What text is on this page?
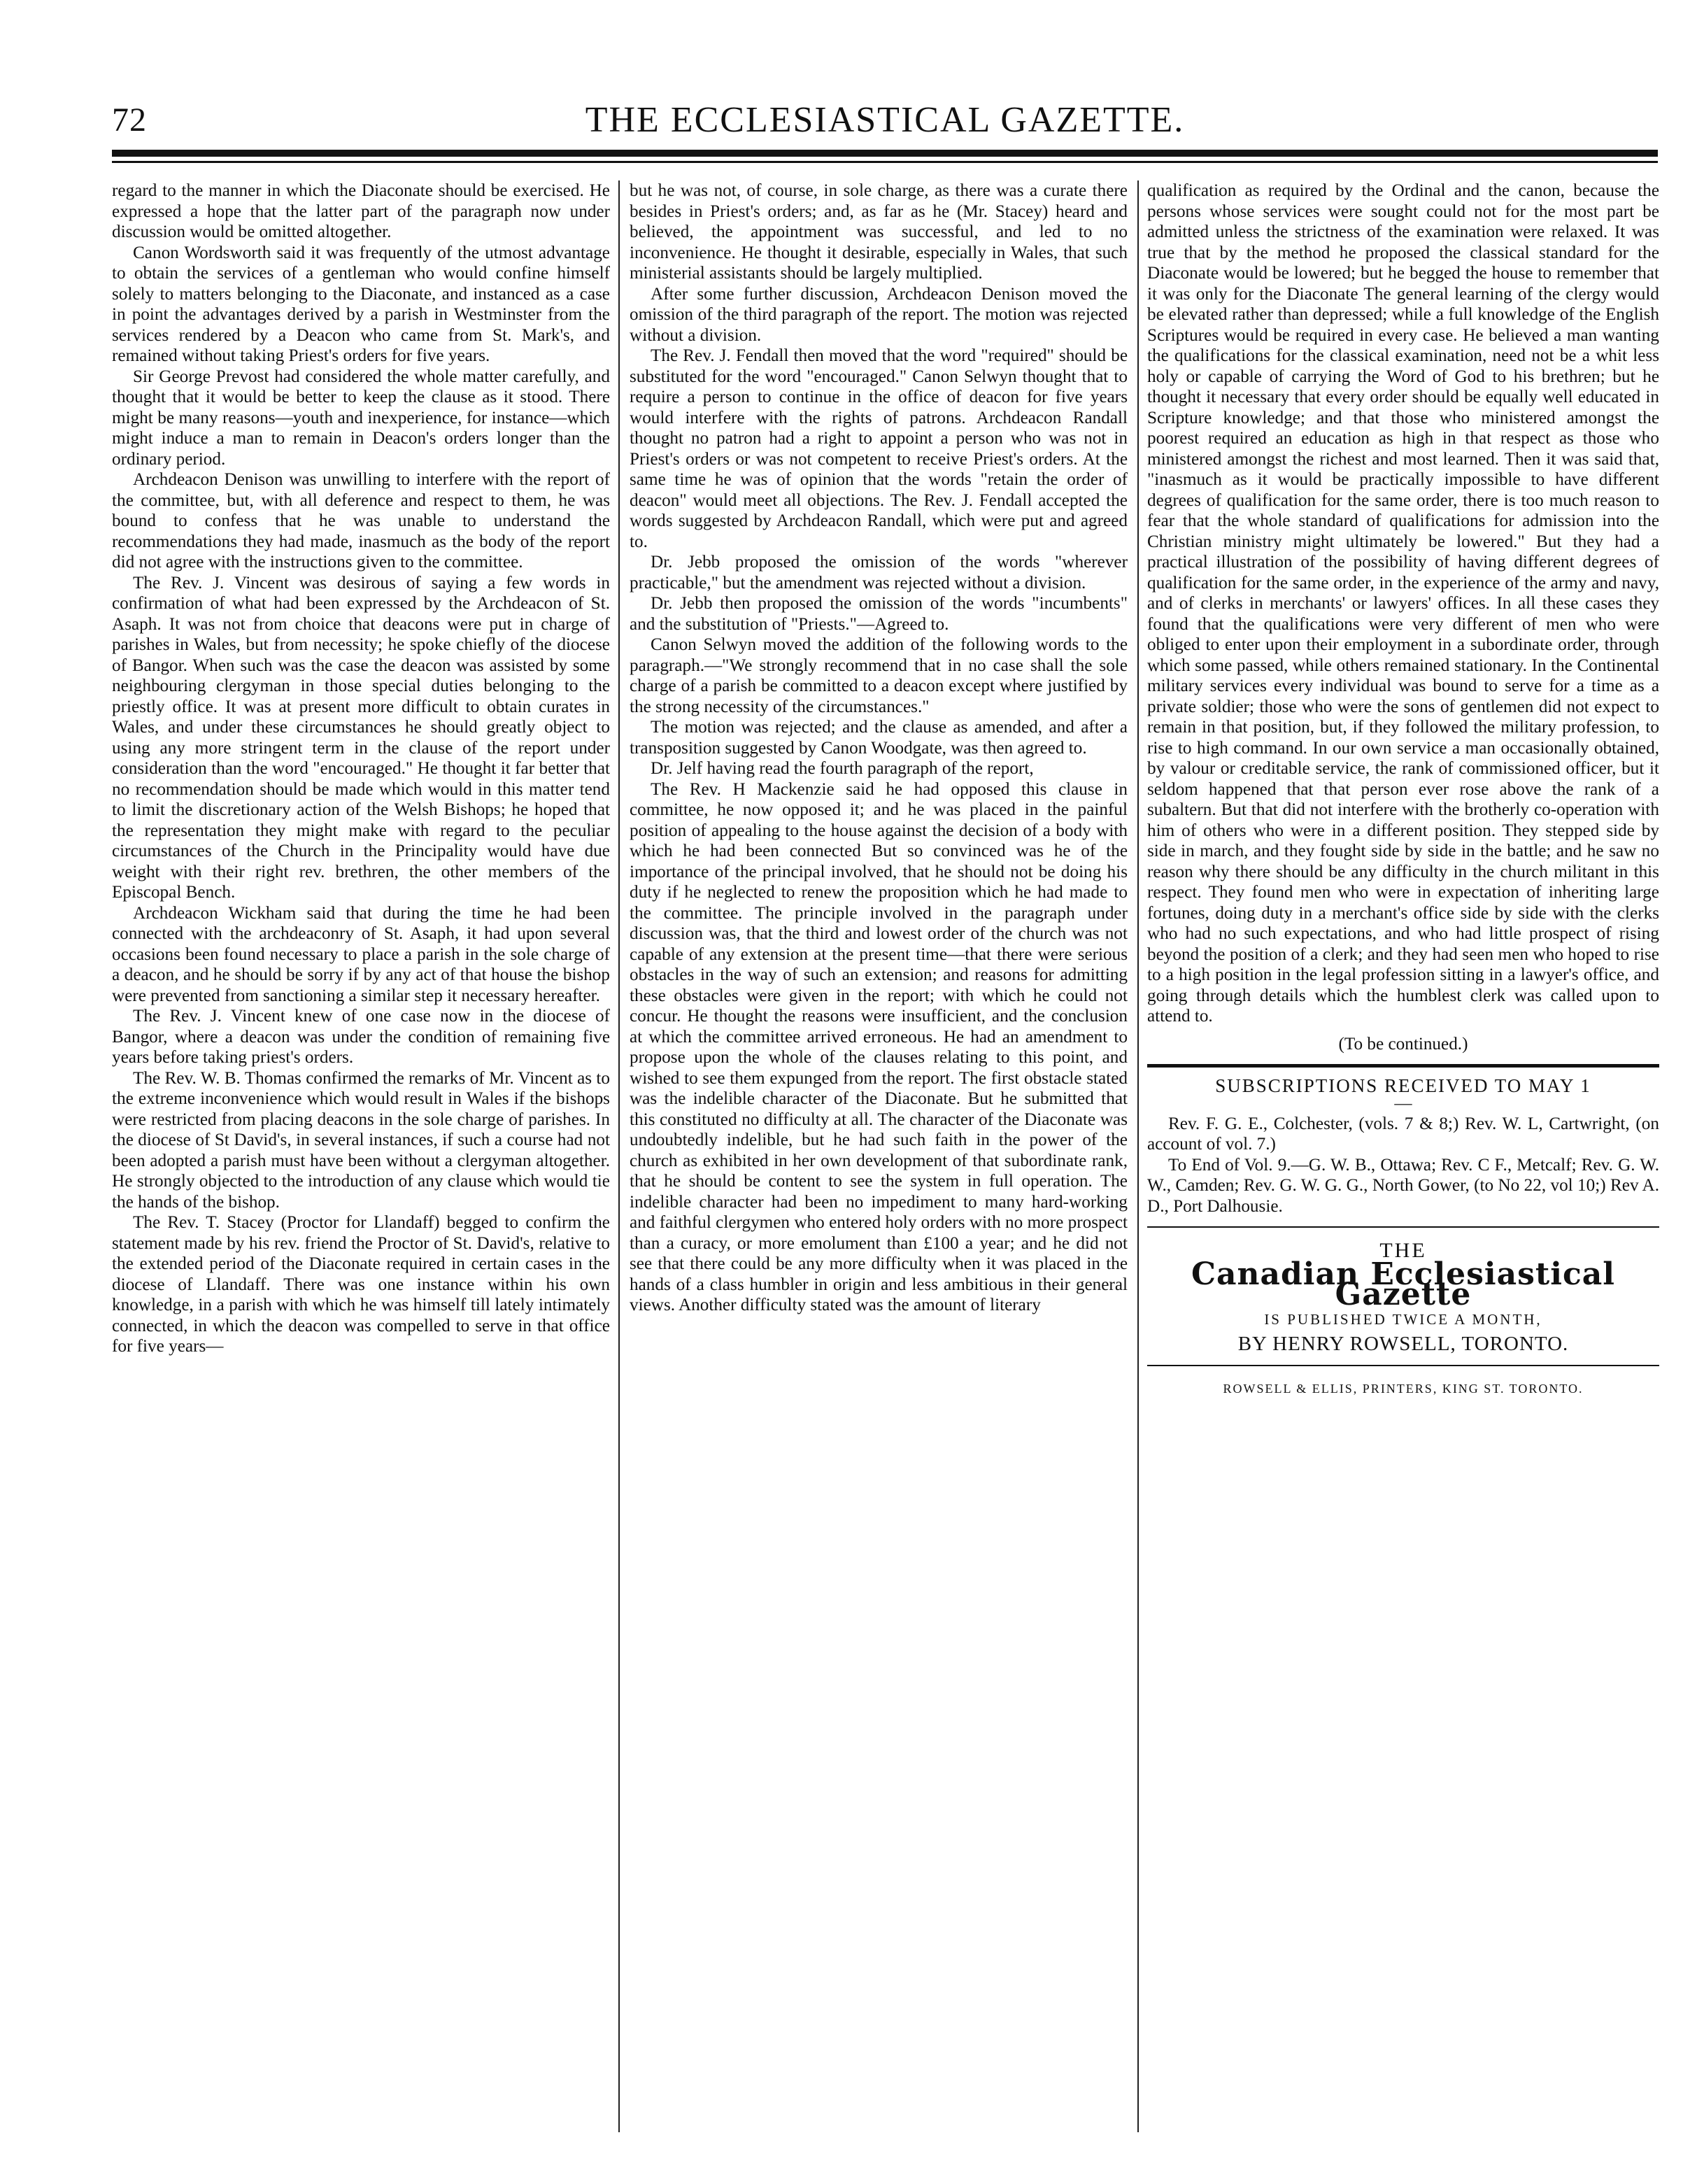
72	THE ECCLESIASTICAL GAZETTE.

regard to the manner in which the Diaconate should be exercised. He expressed a hope that the latter part of the paragraph now under discussion would be omitted altogether.

Canon Wordsworth said it was frequently of the utmost advantage to obtain the services of a gentleman who would confine himself solely to matters belonging to the Diaconate, and instanced as a case in point the advantages derived by a parish in Westminster from the services rendered by a Deacon who came from St. Mark's, and remained without taking Priest's orders for five years.

Sir George Prevost had considered the whole matter carefully, and thought that it would be better to keep the clause as it stood. There might be many reasons—youth and inexperience, for instance—which might induce a man to remain in Deacon's orders longer than the ordinary period.

Archdeacon Denison was unwilling to interfere with the report of the committee, but, with all deference and respect to them, he was bound to confess that he was unable to understand the recommendations they had made, inasmuch as the body of the report did not agree with the instructions given to the committee.

The Rev. J. Vincent was desirous of saying a few words in confirmation of what had been expressed by the Archdeacon of St. Asaph. It was not from choice that deacons were put in charge of parishes in Wales, but from necessity; he spoke chiefly of the diocese of Bangor. When such was the case the deacon was assisted by some neighbouring clergyman in those special duties belonging to the priestly office. It was at present more difficult to obtain curates in Wales, and under these circumstances he should greatly object to using any more stringent term in the clause of the report under consideration than the word "encouraged." He thought it far better that no recommendation should be made which would in this matter tend to limit the discretionary action of the Welsh Bishops; he hoped that the representation they might make with regard to the peculiar circumstances of the Church in the Principality would have due weight with their right rev. brethren, the other members of the Episcopal Bench.

Archdeacon Wickham said that during the time he had been connected with the archdeaconry of St. Asaph, it had upon several occasions been found necessary to place a parish in the sole charge of a deacon, and he should be sorry if by any act of that house the bishop were prevented from sanctioning a similar step it necessary hereafter.

The Rev. J. Vincent knew of one case now in the diocese of Bangor, where a deacon was under the condition of remaining five years before taking priest's orders.

The Rev. W. B. Thomas confirmed the remarks of Mr. Vincent as to the extreme inconvenience which would result in Wales if the bishops were restricted from placing deacons in the sole charge of parishes. In the diocese of St David's, in several instances, if such a course had not been adopted a parish must have been without a clergyman altogether. He strongly objected to the introduction of any clause which would tie the hands of the bishop.

The Rev. T. Stacey (Proctor for Llandaff) begged to confirm the statement made by his rev. friend the Proctor of St. David's, relative to the extended period of the Diaconate required in certain cases in the diocese of Llandaff. There was one instance within his own knowledge, in a parish with which he was himself till lately intimately connected, in which the deacon was compelled to serve in that office for five years—

but he was not, of course, in sole charge, as there was a curate there besides in Priest's orders; and, as far as he (Mr. Stacey) heard and believed, the appointment was successful, and led to no inconvenience. He thought it desirable, especially in Wales, that such ministerial assistants should be largely multiplied.

After some further discussion, Archdeacon Denison moved the omission of the third paragraph of the report. The motion was rejected without a division.

The Rev. J. Fendall then moved that the word "required" should be substituted for the word "encouraged." Canon Selwyn thought that to require a person to continue in the office of deacon for five years would interfere with the rights of patrons. Archdeacon Randall thought no patron had a right to appoint a person who was not in Priest's orders or was not competent to receive Priest's orders. At the same time he was of opinion that the words "retain the order of deacon" would meet all objections. The Rev. J. Fendall accepted the words suggested by Archdeacon Randall, which were put and agreed to.

Dr. Jebb proposed the omission of the words "wherever practicable," but the amendment was rejected without a division.

Dr. Jebb then proposed the omission of the words "incumbents" and the substitution of "Priests."—Agreed to.

Canon Selwyn moved the addition of the following words to the paragraph.—"We strongly recommend that in no case shall the sole charge of a parish be committed to a deacon except where justified by the strong necessity of the circumstances."

The motion was rejected; and the clause as amended, and after a transposition suggested by Canon Woodgate, was then agreed to.

Dr. Jelf having read the fourth paragraph of the report,

The Rev. H Mackenzie said he had opposed this clause in committee, he now opposed it; and he was placed in the painful position of appealing to the house against the decision of a body with which he had been connected But so convinced was he of the importance of the principal involved, that he should not be doing his duty if he neglected to renew the proposition which he had made to the committee. The principle involved in the paragraph under discussion was, that the third and lowest order of the church was not capable of any extension at the present time—that there were serious obstacles in the way of such an extension; and reasons for admitting these obstacles were given in the report; with which he could not concur. He thought the reasons were insufficient, and the conclusion at which the committee arrived erroneous. He had an amendment to propose upon the whole of the clauses relating to this point, and wished to see them expunged from the report. The first obstacle stated was the indelible character of the Diaconate. But he submitted that this constituted no difficulty at all. The character of the Diaconate was undoubtedly indelible, but he had such faith in the power of the church as exhibited in her own development of that subordinate rank, that he should be content to see the system in full operation. The indelible character had been no impediment to many hard-working and faithful clergymen who entered holy orders with no more prospect than a curacy, or more emolument than £100 a year; and he did not see that there could be any more difficulty when it was placed in the hands of a class humbler in origin and less ambitious in their general views. Another difficulty stated was the amount of literary

qualification as required by the Ordinal and the canon, because the persons whose services were sought could not for the most part be admitted unless the strictness of the examination were relaxed. It was true that by the method he proposed the classical standard for the Diaconate would be lowered; but he begged the house to remember that it was only for the Diaconate The general learning of the clergy would be elevated rather than depressed; while a full knowledge of the English Scriptures would be required in every case. He believed a man wanting the qualifications for the classical examination, need not be a whit less holy or capable of carrying the Word of God to his brethren; but he thought it necessary that every order should be equally well educated in Scripture knowledge; and that those who ministered amongst the poorest required an education as high in that respect as those who ministered amongst the richest and most learned. Then it was said that, "inasmuch as it would be practically impossible to have different degrees of qualification for the same order, there is too much reason to fear that the whole standard of qualifications for admission into the Christian ministry might ultimately be lowered." But they had a practical illustration of the possibility of having different degrees of qualification for the same order, in the experience of the army and navy, and of clerks in merchants' or lawyers' offices. In all these cases they found that the qualifications were very different of men who were obliged to enter upon their employment in a subordinate order, through which some passed, while others remained stationary. In the Continental military services every individual was bound to serve for a time as a private soldier; those who were the sons of gentlemen did not expect to remain in that position, but, if they followed the military profession, to rise to high command. In our own service a man occasionally obtained, by valour or creditable service, the rank of commissioned officer, but it seldom happened that that person ever rose above the rank of a subaltern. But that did not interfere with the brotherly co-operation with him of others who were in a different position. They stepped side by side in march, and they fought side by side in the battle; and he saw no reason why there should be any difficulty in the church militant in this respect. They found men who were in expectation of inheriting large fortunes, doing duty in a merchant's office side by side with the clerks who had no such expectations, and who had little prospect of rising beyond the position of a clerk; and they had seen men who hoped to rise to a high position in the legal profession sitting in a lawyer's office, and going through details which the humblest clerk was called upon to attend to.

(To be continued.)

SUBSCRIPTIONS RECEIVED TO MAY 1
—

Rev. F. G. E., Colchester, (vols. 7 & 8;) Rev. W. L, Cartwright, (on account of vol. 7.)

To End of Vol. 9.—G. W. B., Ottawa; Rev. C F., Metcalf; Rev. G. W. W., Camden; Rev. G. W. G. G., North Gower, (to No 22, vol 10;) Rev A. D., Port Dalhousie.

THE
Canadian Ecclesiastical Gazette
IS PUBLISHED TWICE A MONTH,
BY HENRY ROWSELL, TORONTO.
ROWSELL & ELLIS, PRINTERS, KING ST. TORONTO.
